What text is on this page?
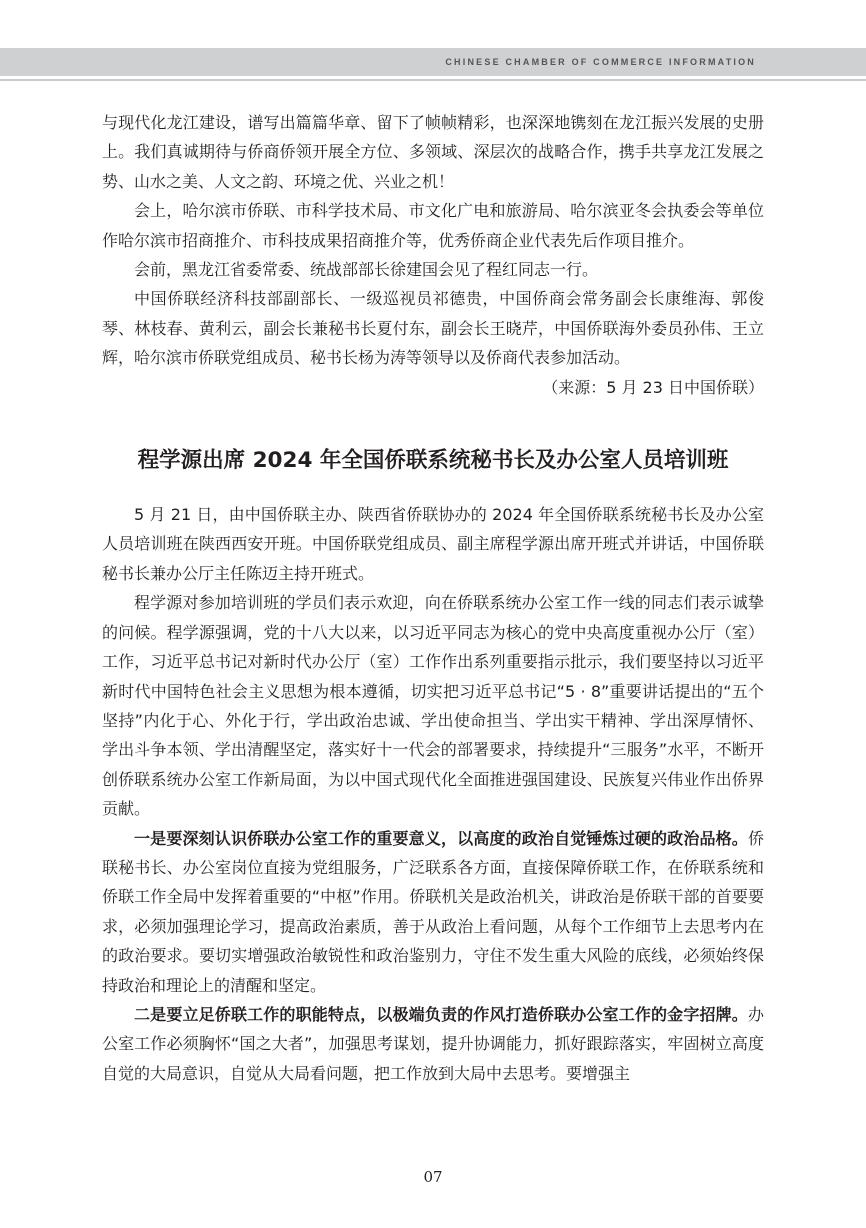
CHINESE CHAMBER OF COMMERCE INFORMATION

与现代化龙江建设，谱写出篇篇华章、留下了帧帧精彩，也深深地镌刻在龙江振兴发展的史册上。我们真诚期待与侨商侨领开展全方位、多领域、深层次的战略合作，携手共享龙江发展之势、山水之美、人文之韵、环境之优、兴业之机！

会上，哈尔滨市侨联、市科学技术局、市文化广电和旅游局、哈尔滨亚冬会执委会等单位作哈尔滨市招商推介、市科技成果招商推介等，优秀侨商企业代表先后作项目推介。

会前，黑龙江省委常委、统战部部长徐建国会见了程红同志一行。

中国侨联经济科技部副部长、一级巡视员祁德贵，中国侨商会常务副会长康维海、郭俊琴、林枝春、黄利云，副会长兼秘书长夏付东，副会长王晓芹，中国侨联海外委员孙伟、王立辉，哈尔滨市侨联党组成员、秘书长杨为涛等领导以及侨商代表参加活动。

（来源：5 月 23 日中国侨联）

程学源出席 2024 年全国侨联系统秘书长及办公室人员培训班

5 月 21 日，由中国侨联主办、陕西省侨联协办的 2024 年全国侨联系统秘书长及办公室人员培训班在陕西西安开班。中国侨联党组成员、副主席程学源出席开班式并讲话，中国侨联秘书长兼办公厅主任陈迈主持开班式。

程学源对参加培训班的学员们表示欢迎，向在侨联系统办公室工作一线的同志们表示诚挚的问候。程学源强调，党的十八大以来，以习近平同志为核心的党中央高度重视办公厅（室）工作，习近平总书记对新时代办公厅（室）工作作出系列重要指示批示，我们要坚持以习近平新时代中国特色社会主义思想为根本遵循，切实把习近平总书记“5 · 8”重要讲话提出的“五个坚持”内化于心、外化于行，学出政治忠诚、学出使命担当、学出实干精神、学出深厚情怀、学出斗争本领、学出清醒坚定，落实好十一代会的部署要求，持续提升“三服务”水平，不断开创侨联系统办公室工作新局面，为以中国式现代化全面推进强国建设、民族复兴伟业作出侨界贡献。

一是要深刻认识侨联办公室工作的重要意义，以高度的政治自觉锤炼过硬的政治品格。侨联秘书长、办公室岗位直接为党组服务，广泛联系各方面，直接保障侨联工作，在侨联系统和侨联工作全局中发挥着重要的“中枢”作用。侨联机关是政治机关，讲政治是侨联干部的首要要求，必须加强理论学习，提高政治素质，善于从政治上看问题，从每个工作细节上去思考内在的政治要求。要切实增强政治敏锐性和政治鉴别力，守住不发生重大风险的底线，必须始终保持政治和理论上的清醒和坚定。

二是要立足侨联工作的职能特点，以极端负责的作风打造侨联办公室工作的金字招牌。办公室工作必须胸怀“国之大者”，加强思考谋划，提升协调能力，抓好跟踪落实，牢固树立高度自觉的大局意识，自觉从大局看问题，把工作放到大局中去思考。要增强主

07
